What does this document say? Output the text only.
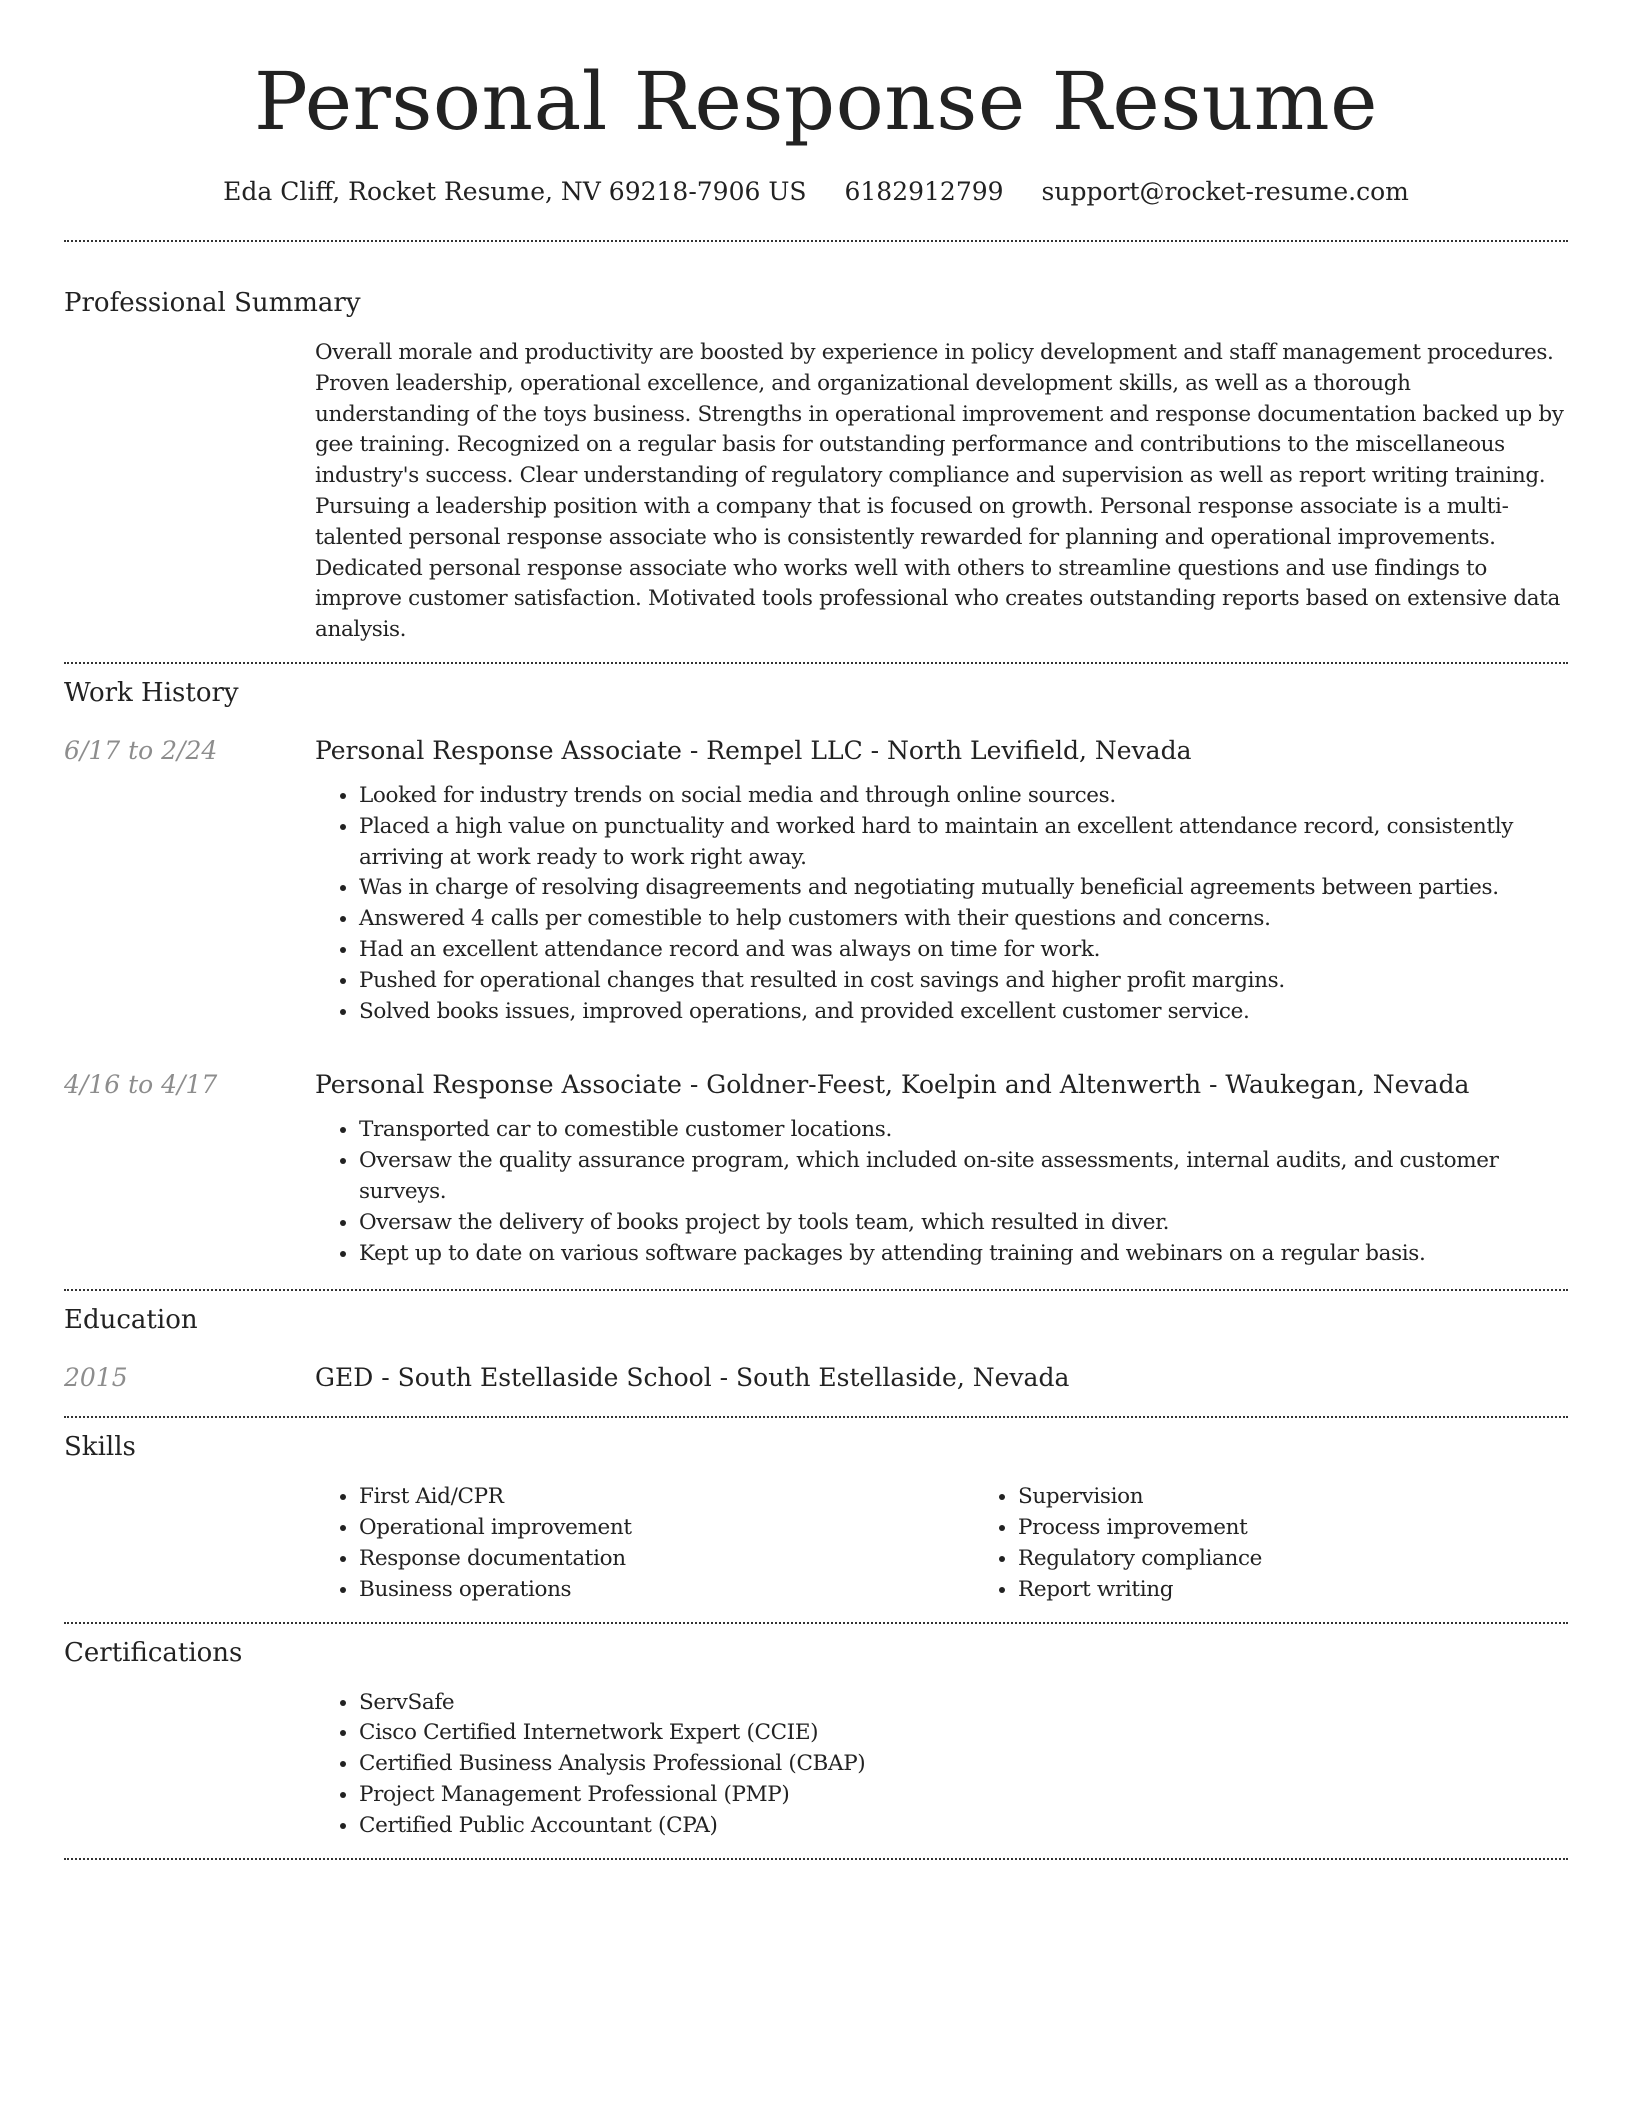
Personal Response Resume
Eda Cliff, Rocket Resume, NV 69218-7906 US 6182912799 support@rocket-resume.com
Professional Summary

Overall morale and productivity are boosted by experience in policy development and staff management procedures. Proven leadership, operational excellence, and organizational development skills, as well as a thorough understanding of the toys business. Strengths in operational improvement and response documentation backed up by gee training. Recognized on a regular basis for outstanding performance and contributions to the miscellaneous industry's success. Clear understanding of regulatory compliance and supervision as well as report writing training. Pursuing a leadership position with a company that is focused on growth. Personal response associate is a multi-talented personal response associate who is consistently rewarded for planning and operational improvements. Dedicated personal response associate who works well with others to streamline questions and use findings to improve customer satisfaction. Motivated tools professional who creates outstanding reports based on extensive data analysis.

Work History
6/17 to 2/24	Personal Response Associate - Rempel LLC - North Levifield, Nevada
• Looked for industry trends on social media and through online sources.
• Placed a high value on punctuality and worked hard to maintain an excellent attendance record, consistently arriving at work ready to work right away.
• Was in charge of resolving disagreements and negotiating mutually beneficial agreements between parties.
• Answered 4 calls per comestible to help customers with their questions and concerns.
• Had an excellent attendance record and was always on time for work.
• Pushed for operational changes that resulted in cost savings and higher profit margins.
• Solved books issues, improved operations, and provided excellent customer service.
4/16 to 4/17	Personal Response Associate - Goldner-Feest, Koelpin and Altenwerth - Waukegan, Nevada
• Transported car to comestible customer locations.
• Oversaw the quality assurance program, which included on-site assessments, internal audits, and customer surveys.
• Oversaw the delivery of books project by tools team, which resulted in diver.
• Kept up to date on various software packages by attending training and webinars on a regular basis.
Education
2015	GED - South Estellaside School - South Estellaside, Nevada
Skills
• First Aid/CPR
• Operational improvement
• Response documentation
• Business operations
• Supervision
• Process improvement
• Regulatory compliance
• Report writing
Certifications
• ServSafe
• Cisco Certified Internetwork Expert (CCIE)
• Certified Business Analysis Professional (CBAP)
• Project Management Professional (PMP)
• Certified Public Accountant (CPA)
